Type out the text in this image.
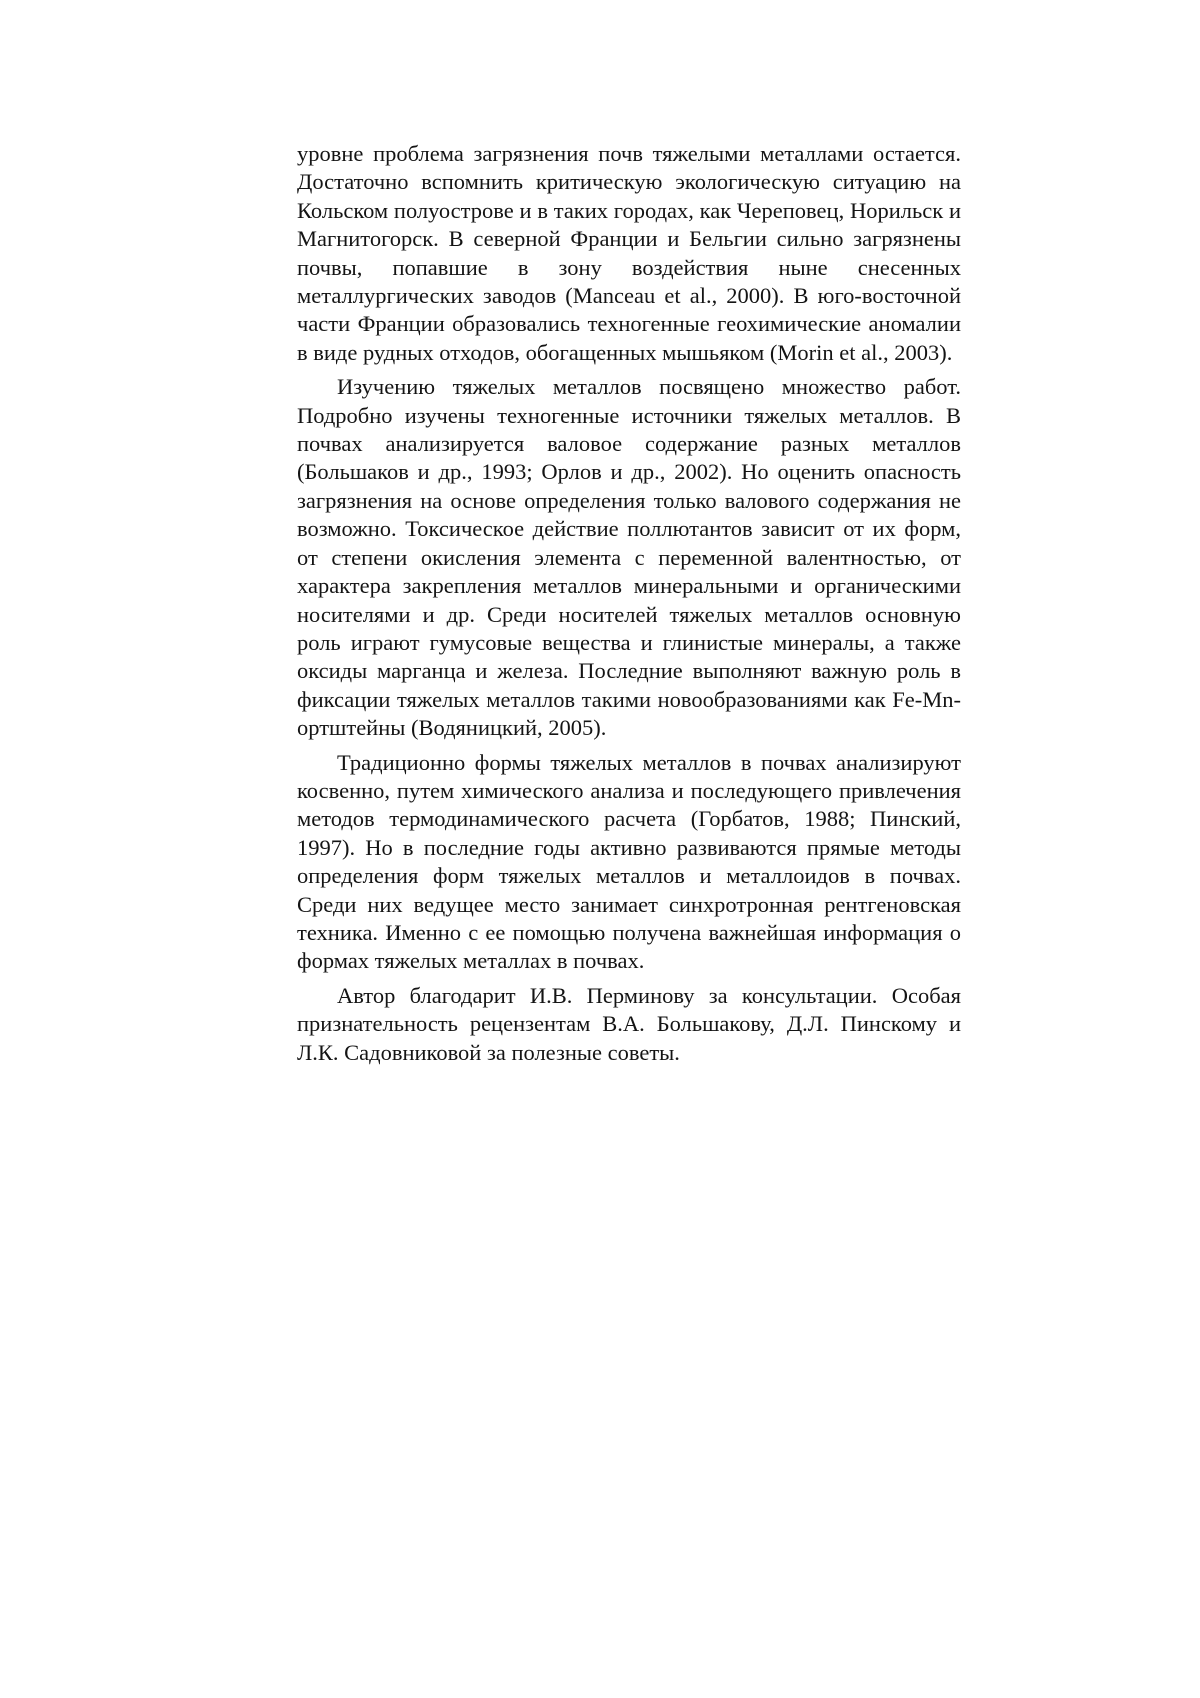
уровне проблема загрязнения почв тяжелыми металлами остается. Достаточно вспомнить критическую экологическую ситуацию на Кольском полуострове и в таких городах, как Череповец, Норильск и Магнитогорск. В северной Франции и Бельгии сильно загрязнены почвы, попавшие в зону воздействия ныне снесенных металлургических заводов (Manceau et al., 2000). В юго-восточной части Франции образовались техногенные геохимические аномалии в виде рудных отходов, обогащенных мышьяком (Morin et al., 2003).

Изучению тяжелых металлов посвящено множество работ. Подробно изучены техногенные источники тяжелых металлов. В почвах анализируется валовое содержание разных металлов (Большаков и др., 1993; Орлов и др., 2002). Но оценить опасность загрязнения на основе определения только валового содержания не возможно. Токсическое действие поллютантов зависит от их форм, от степени окисления элемента с переменной валентностью, от характера закрепления металлов минеральными и органическими носителями и др. Среди носителей тяжелых металлов основную роль играют гумусовые вещества и глинистые минералы, а также оксиды марганца и железа. Последние выполняют важную роль в фиксации тяжелых металлов такими новообразованиями как Fe-Mn-ортштейны (Водяницкий, 2005).

Традиционно формы тяжелых металлов в почвах анализируют косвенно, путем химического анализа и последующего привлечения методов термодинамического расчета (Горбатов, 1988; Пинский, 1997). Но в последние годы активно развиваются прямые методы определения форм тяжелых металлов и металлоидов в почвах. Среди них ведущее место занимает синхротронная рентгеновская техника. Именно с ее помощью получена важнейшая информация о формах тяжелых металлах в почвах.

Автор благодарит И.В. Перминову за консультации. Особая признательность рецензентам В.А. Большакову, Д.Л. Пинскому и Л.К. Садовниковой за полезные советы.
